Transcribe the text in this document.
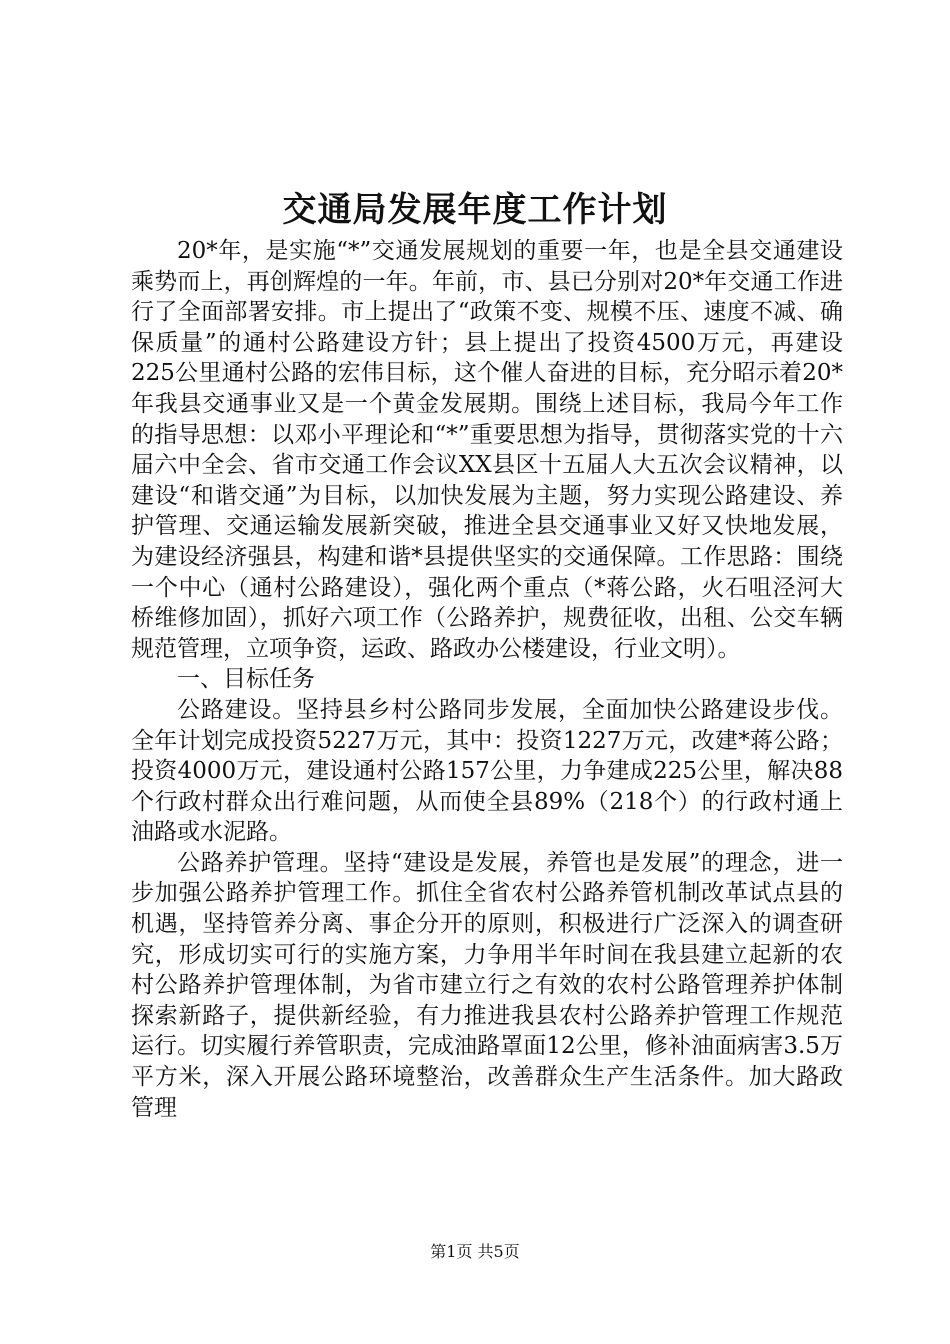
交通局发展年度工作计划

20*年，是实施“*”交通发展规划的重要一年，也是全县交通建设乘势而上，再创辉煌的一年。年前，市、县已分别对20*年交通工作进行了全面部署安排。市上提出了“政策不变、规模不压、速度不减、确保质量”的通村公路建设方针；县上提出了投资4500万元，再建设225公里通村公路的宏伟目标，这个催人奋进的目标，充分昭示着20*年我县交通事业又是一个黄金发展期。围绕上述目标，我局今年工作的指导思想：以邓小平理论和“*”重要思想为指导，贯彻落实党的十六届六中全会、省市交通工作会议XX县区十五届人大五次会议精神，以建设“和谐交通”为目标，以加快发展为主题，努力实现公路建设、养护管理、交通运输发展新突破，推进全县交通事业又好又快地发展，为建设经济强县，构建和谐*县提供坚实的交通保障。工作思路：围绕一个中心（通村公路建设），强化两个重点（*蒋公路，火石咀泾河大桥维修加固），抓好六项工作（公路养护，规费征收，出租、公交车辆规范管理，立项争资，运政、路政办公楼建设，行业文明）。

一、目标任务

公路建设。坚持县乡村公路同步发展，全面加快公路建设步伐。全年计划完成投资5227万元，其中：投资1227万元，改建*蒋公路；投资4000万元，建设通村公路157公里，力争建成225公里，解决88个行政村群众出行难问题，从而使全县89%（218个）的行政村通上油路或水泥路。

公路养护管理。坚持“建设是发展，养管也是发展”的理念，进一步加强公路养护管理工作。抓住全省农村公路养管机制改革试点县的机遇，坚持管养分离、事企分开的原则，积极进行广泛深入的调查研究，形成切实可行的实施方案，力争用半年时间在我县建立起新的农村公路养护管理体制，为省市建立行之有效的农村公路管理养护体制探索新路子，提供新经验，有力推进我县农村公路养护管理工作规范运行。切实履行养管职责，完成油路罩面12公里，修补油面病害3.5万平方米，深入开展公路环境整治，改善群众生产生活条件。加大路政管理

第1页 共5页
